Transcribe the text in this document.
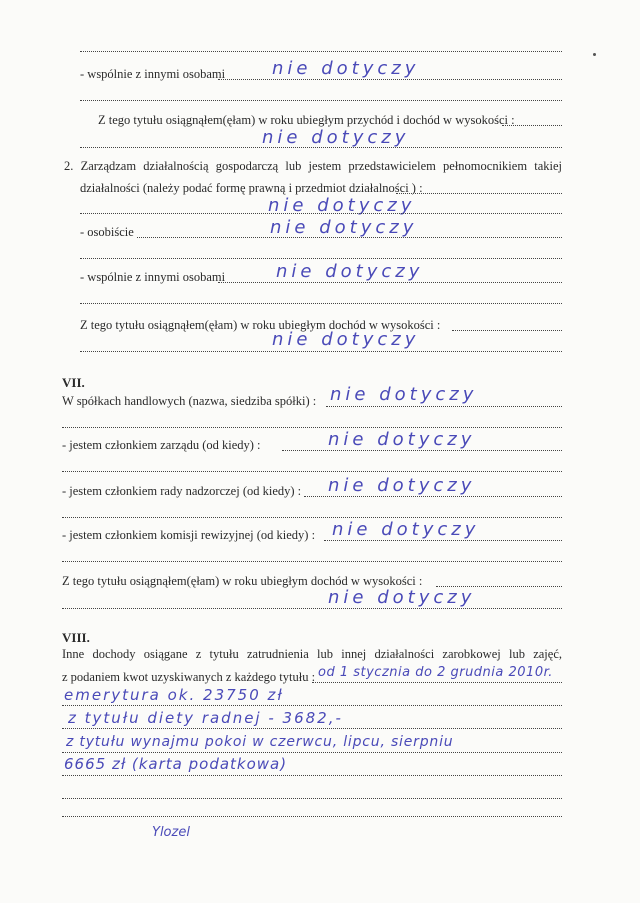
- wspólnie z innymi osobami	nie dotyczy
Z tego tytułu osiągnąłem(ęłam) w roku ubiegłym przychód i dochód w wysokości :
nie dotyczy
2. Zarządzam działalnością gospodarczą lub jestem przedstawicielem pełnomocnikiem takiej
działalności (należy podać formę prawną i przedmiot działalności ) :
nie dotyczy
- osobiście	nie dotyczy
- wspólnie z innymi osobami	nie dotyczy
Z tego tytułu osiągnąłem(ęłam) w roku ubiegłym dochód w wysokości :
nie dotyczy
VII.
W spółkach handlowych (nazwa, siedziba spółki) : nie dotyczy
- jestem członkiem zarządu (od kiedy) :	nie dotyczy
- jestem członkiem rady nadzorczej (od kiedy) : nie dotyczy
- jestem członkiem komisji rewizyjnej (od kiedy) : nie dotyczy
Z tego tytułu osiągnąłem(ęłam) w roku ubiegłym dochód w wysokości :
nie dotyczy
VIII.
Inne dochody osiągane z tytułu zatrudnienia lub innej działalności zarobkowej lub zajęć,
z podaniem kwot uzyskiwanych z każdego tytułu : od 1 stycznia do 2 grudnia 2010r.
emerytura ok. 23750 zł
z tytułu diety radnej - 3682,-
z tytułu wynajmu pokoi w czerwcu, lipcu, sierpniu
6665 zł (karta podatkowa)
Ylozel
